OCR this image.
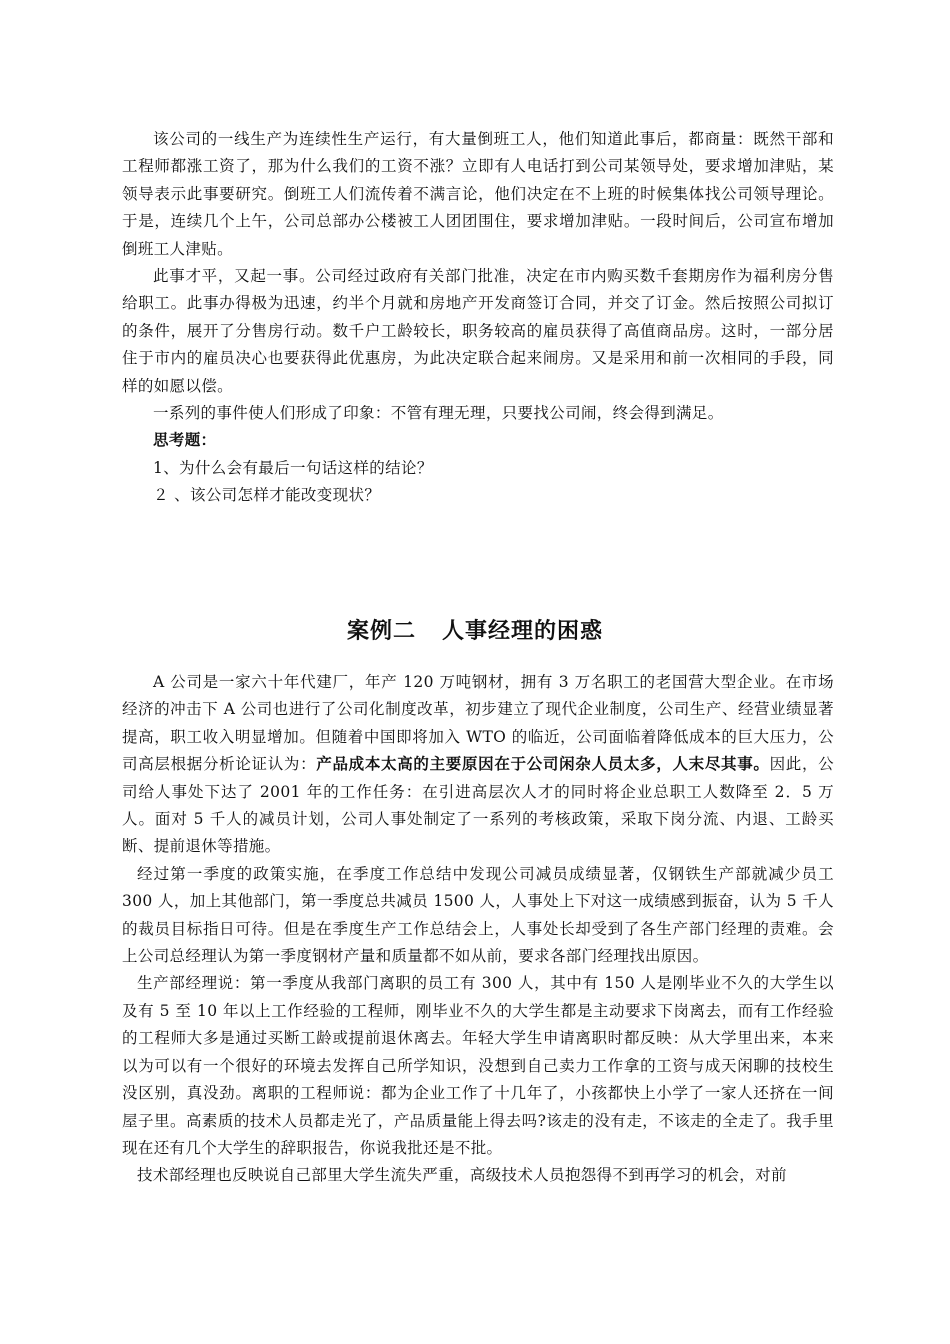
该公司的一线生产为连续性生产运行，有大量倒班工人，他们知道此事后，都商量：既然干部和工程师都涨工资了，那为什么我们的工资不涨？立即有人电话打到公司某领导处，要求增加津贴，某领导表示此事要研究。倒班工人们流传着不满言论，他们决定在不上班的时候集体找公司领导理论。于是，连续几个上午，公司总部办公楼被工人团团围住，要求增加津贴。一段时间后，公司宣布增加倒班工人津贴。

此事才平，又起一事。公司经过政府有关部门批准，决定在市内购买数千套期房作为福利房分售给职工。此事办得极为迅速，约半个月就和房地产开发商签订合同，并交了订金。然后按照公司拟订的条件，展开了分售房行动。数千户工龄较长，职务较高的雇员获得了高值商品房。这时，一部分居住于市内的雇员决心也要获得此优惠房，为此决定联合起来闹房。又是采用和前一次相同的手段，同样的如愿以偿。

一系列的事件使人们形成了印象：不管有理无理，只要找公司闹，终会得到满足。

思考题：

1、为什么会有最后一句话这样的结论？

２ 、该公司怎样才能改变现状？

案例二 人事经理的困惑

A 公司是一家六十年代建厂，年产 120 万吨钢材，拥有 3 万名职工的老国营大型企业。在市场经济的冲击下 A 公司也进行了公司化制度改革，初步建立了现代企业制度，公司生产、经营业绩显著提高，职工收入明显增加。但随着中国即将加入 WTO 的临近，公司面临着降低成本的巨大压力，公司高层根据分析论证认为：产品成本太高的主要原因在于公司闲杂人员太多，人末尽其事。因此，公司给人事处下达了 2001 年的工作任务：在引进高层次人才的同时将企业总职工人数降至 2．5 万人。面对 5 千人的减员计划，公司人事处制定了一系列的考核政策，采取下岗分流、内退、工龄买断、提前退休等措施。

经过第一季度的政策实施，在季度工作总结中发现公司减员成绩显著，仅钢铁生产部就减少员工 300 人，加上其他部门，第一季度总共减员 1500 人，人事处上下对这一成绩感到振奋，认为 5 千人的裁员目标指日可待。但是在季度生产工作总结会上，人事处长却受到了各生产部门经理的责难。会上公司总经理认为第一季度钢材产量和质量都不如从前，要求各部门经理找出原因。

生产部经理说：第一季度从我部门离职的员工有 300 人，其中有 150 人是刚毕业不久的大学生以及有 5 至 10 年以上工作经验的工程师，刚毕业不久的大学生都是主动要求下岗离去，而有工作经验的工程师大多是通过买断工龄或提前退休离去。年轻大学生申请离职时都反映：从大学里出来，本来以为可以有一个很好的环境去发挥自己所学知识，没想到自己卖力工作拿的工资与成天闲聊的技校生没区别，真没劲。离职的工程师说：都为企业工作了十几年了，小孩都快上小学了一家人还挤在一间屋子里。高素质的技术人员都走光了，产品质量能上得去吗?该走的没有走，不该走的全走了。我手里现在还有几个大学生的辞职报告，你说我批还是不批。

技术部经理也反映说自己部里大学生流失严重，高级技术人员抱怨得不到再学习的机会，对前
